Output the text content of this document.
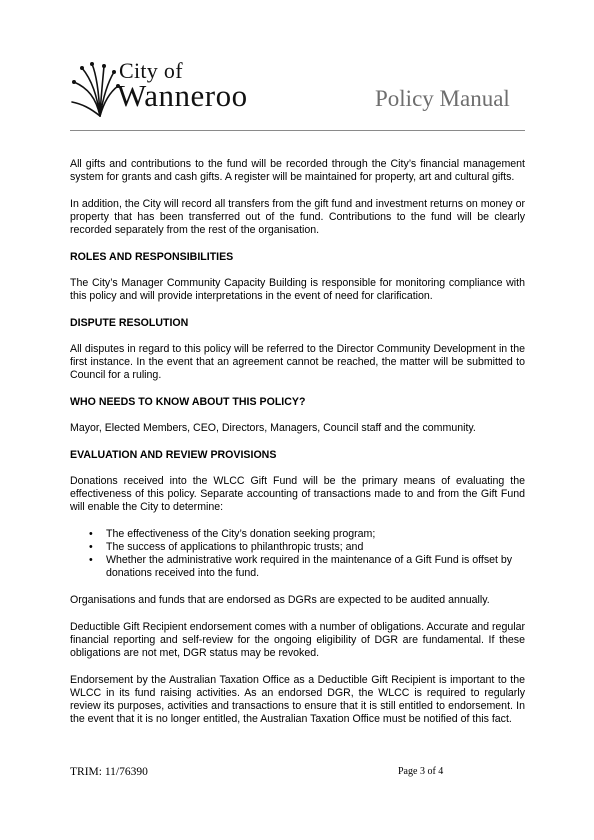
City of
Wanneroo	Policy Manual

All gifts and contributions to the fund will be recorded through the City’s financial management system for grants and cash gifts. A register will be maintained for property, art and cultural gifts.

In addition, the City will record all transfers from the gift fund and investment returns on money or property that has been transferred out of the fund. Contributions to the fund will be clearly recorded separately from the rest of the organisation.

ROLES AND RESPONSIBILITIES

The City’s Manager Community Capacity Building is responsible for monitoring compliance with this policy and will provide interpretations in the event of need for clarification.

DISPUTE RESOLUTION

All disputes in regard to this policy will be referred to the Director Community Development in the first instance. In the event that an agreement cannot be reached, the matter will be submitted to Council for a ruling.

WHO NEEDS TO KNOW ABOUT THIS POLICY?

Mayor, Elected Members, CEO, Directors, Managers, Council staff and the community.

EVALUATION AND REVIEW PROVISIONS

Donations received into the WLCC Gift Fund will be the primary means of evaluating the effectiveness of this policy. Separate accounting of transactions made to and from the Gift Fund will enable the City to determine:

• The effectiveness of the City’s donation seeking program;
• The success of applications to philanthropic trusts; and
• Whether the administrative work required in the maintenance of a Gift Fund is offset by donations received into the fund.

Organisations and funds that are endorsed as DGRs are expected to be audited annually.

Deductible Gift Recipient endorsement comes with a number of obligations. Accurate and regular financial reporting and self-review for the ongoing eligibility of DGR are fundamental. If these obligations are not met, DGR status may be revoked.

Endorsement by the Australian Taxation Office as a Deductible Gift Recipient is important to the WLCC in its fund raising activities. As an endorsed DGR, the WLCC is required to regularly review its purposes, activities and transactions to ensure that it is still entitled to endorsement. In the event that it is no longer entitled, the Australian Taxation Office must be notified of this fact.

TRIM: 11/76390	Page 3 of 4
